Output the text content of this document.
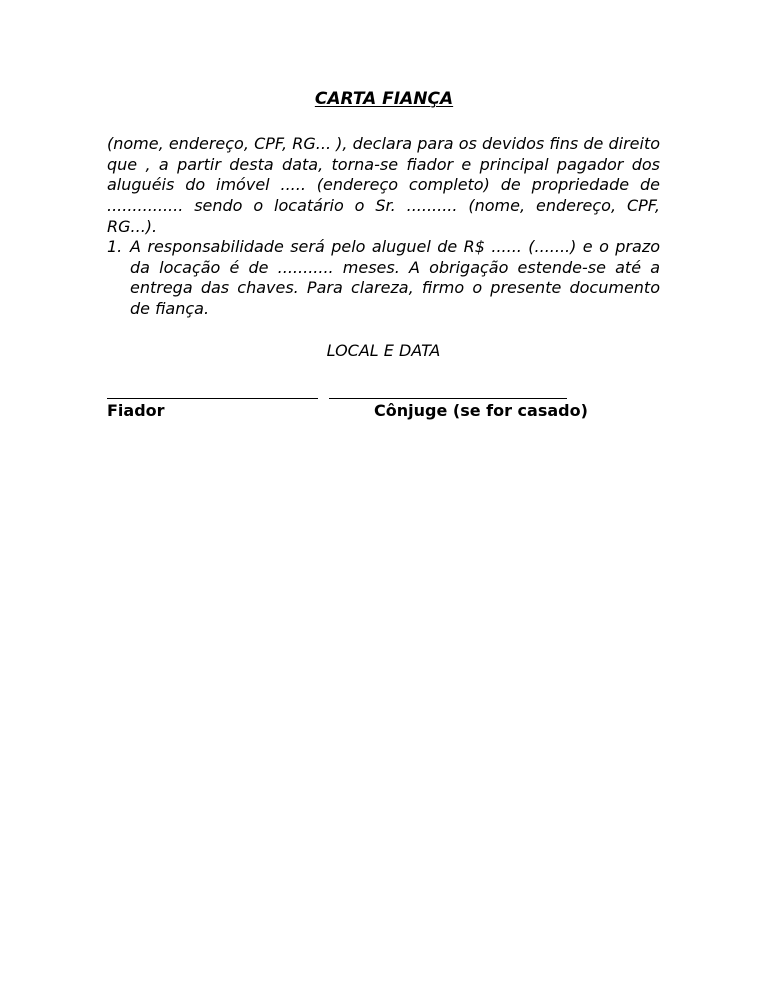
CARTA FIANÇA
(nome, endereço, CPF, RG... ), declara para os devidos fins de direito que , a partir desta data, torna-se fiador e principal pagador dos aluguéis do imóvel ..... (endereço completo) de propriedade de ............... sendo o locatário o Sr. .......... (nome, endereço, CPF, RG...).
1. A responsabilidade será pelo aluguel de R$ ...... (.......) e o prazo da locação é de ........... meses. A obrigação estende-se até a entrega das chaves. Para clareza, firmo o presente documento de fiança.
LOCAL E DATA
Fiador	Cônjuge (se for casado)
